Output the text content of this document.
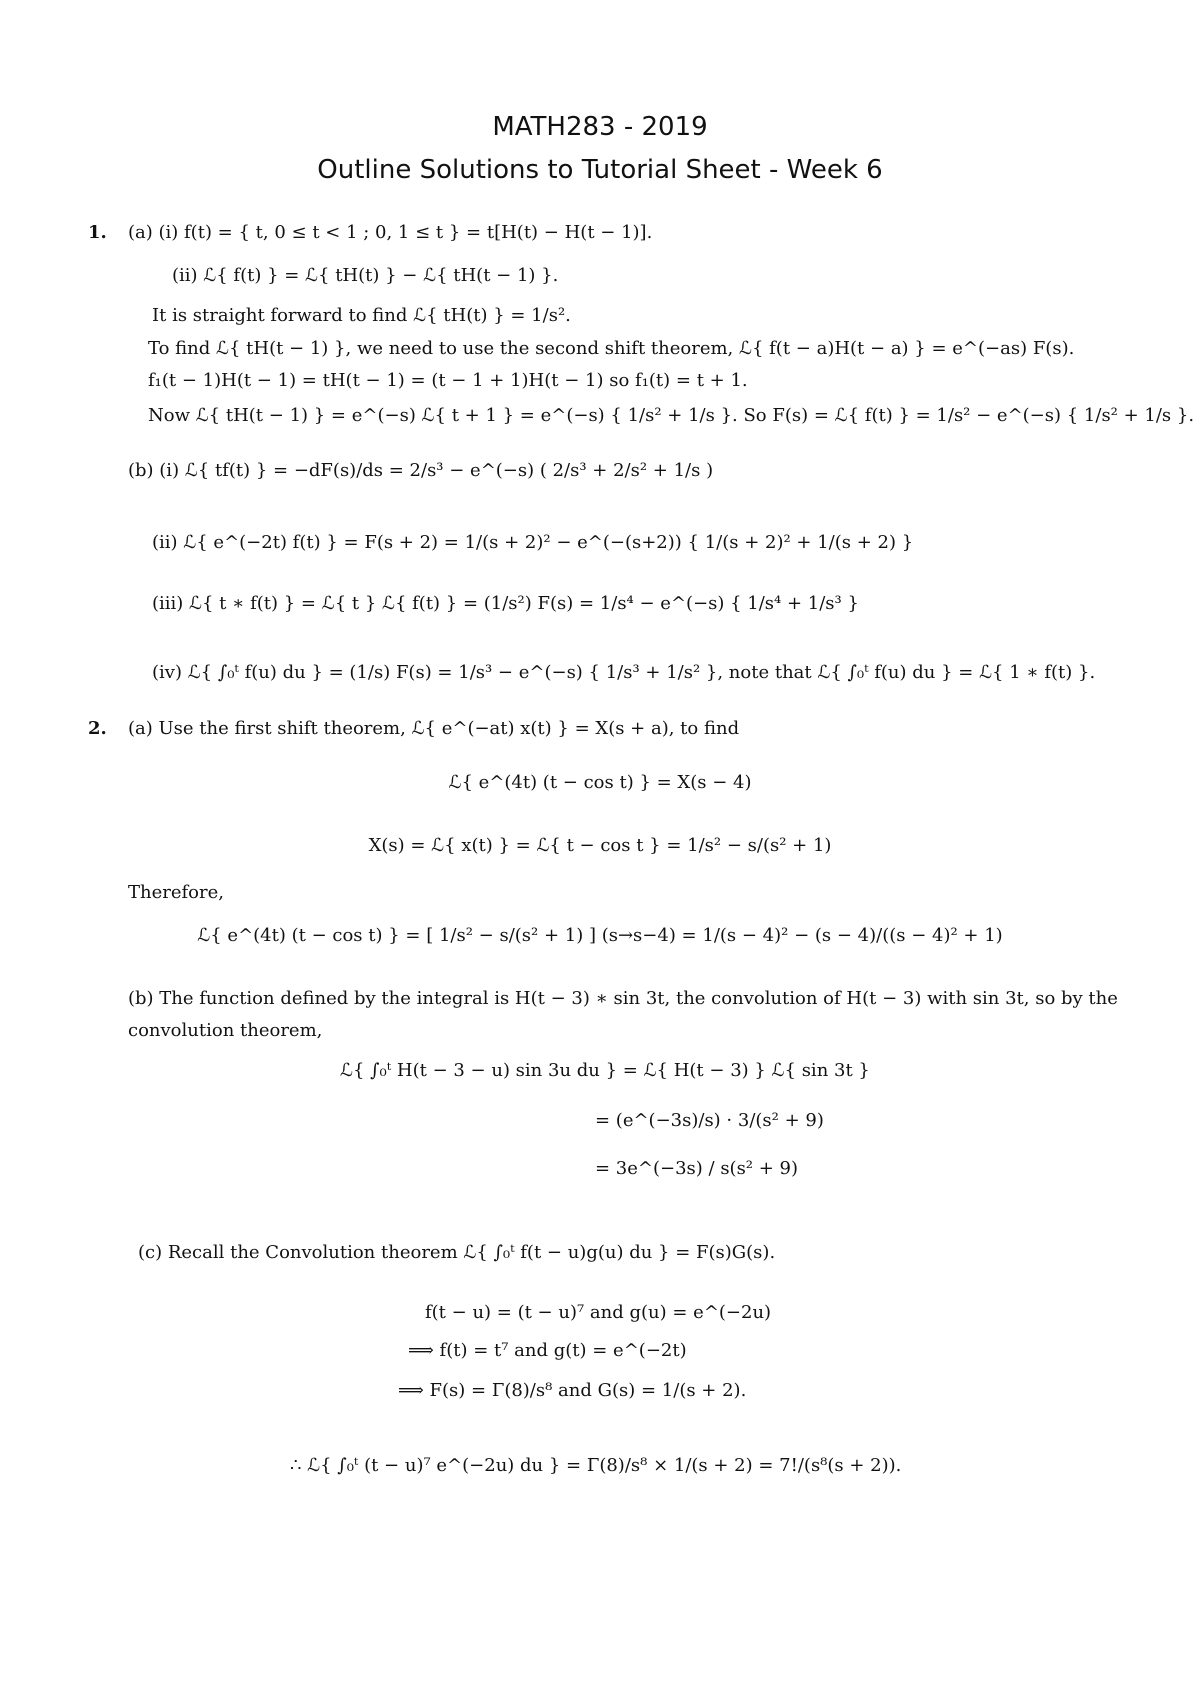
MATH283 - 2019
Outline Solutions to Tutorial Sheet - Week 6
1. (a) (i) f(t) = { t, 0 ≤ t < 1 ; 0, 1 ≤ t } = t[H(t) − H(t − 1)].
(ii) ℒ{ f(t) } = ℒ{ tH(t) } − ℒ{ tH(t − 1) }.
It is straight forward to find ℒ{ tH(t) } = 1/s².
To find ℒ{ tH(t − 1) }, we need to use the second shift theorem, ℒ{ f(t − a)H(t − a) } = e^(−as) F(s).
f₁(t − 1)H(t − 1) = tH(t − 1) = (t − 1 + 1)H(t − 1) so f₁(t) = t + 1.
Now ℒ{ tH(t − 1) } = e^(−s) ℒ{ t + 1 } = e^(−s) { 1/s² + 1/s }. So F(s) = ℒ{ f(t) } = 1/s² − e^(−s) { 1/s² + 1/s }.
(b) (i) ℒ{ tf(t) } = −dF(s)/ds = 2/s³ − e^(−s) ( 2/s³ + 2/s² + 1/s )
(ii) ℒ{ e^(−2t) f(t) } = F(s + 2) = 1/(s + 2)² − e^(−(s+2)) { 1/(s + 2)² + 1/(s + 2) }
(iii) ℒ{ t ∗ f(t) } = ℒ{ t } ℒ{ f(t) } = (1/s²) F(s) = 1/s⁴ − e^(−s) { 1/s⁴ + 1/s³ }
(iv) ℒ{ ∫₀ᵗ f(u) du } = (1/s) F(s) = 1/s³ − e^(−s) { 1/s³ + 1/s² }, note that ℒ{ ∫₀ᵗ f(u) du } = ℒ{ 1 ∗ f(t) }.
2. (a) Use the first shift theorem, ℒ{ e^(−at) x(t) } = X(s + a), to find
ℒ{ e^(4t) (t − cos t) } = X(s − 4)
X(s) = ℒ{ x(t) } = ℒ{ t − cos t } = 1/s² − s/(s² + 1)
Therefore,
ℒ{ e^(4t) (t − cos t) } = [ 1/s² − s/(s² + 1) ] (s→s−4) = 1/(s − 4)² − (s − 4)/((s − 4)² + 1)
(b) The function defined by the integral is H(t − 3) ∗ sin 3t, the convolution of H(t − 3) with sin 3t, so by the
convolution theorem,
ℒ{ ∫₀ᵗ H(t − 3 − u) sin 3u du } = ℒ{ H(t − 3) } ℒ{ sin 3t }
= (e^(−3s)/s) · 3/(s² + 9)
= 3e^(−3s) / s(s² + 9)
(c) Recall the Convolution theorem ℒ{ ∫₀ᵗ f(t − u)g(u) du } = F(s)G(s).
f(t − u) = (t − u)⁷ and g(u) = e^(−2u)
⟹ f(t) = t⁷ and g(t) = e^(−2t)
⟹ F(s) = Γ(8)/s⁸ and G(s) = 1/(s + 2).
∴ ℒ{ ∫₀ᵗ (t − u)⁷ e^(−2u) du } = Γ(8)/s⁸ × 1/(s + 2) = 7!/(s⁸(s + 2)).
